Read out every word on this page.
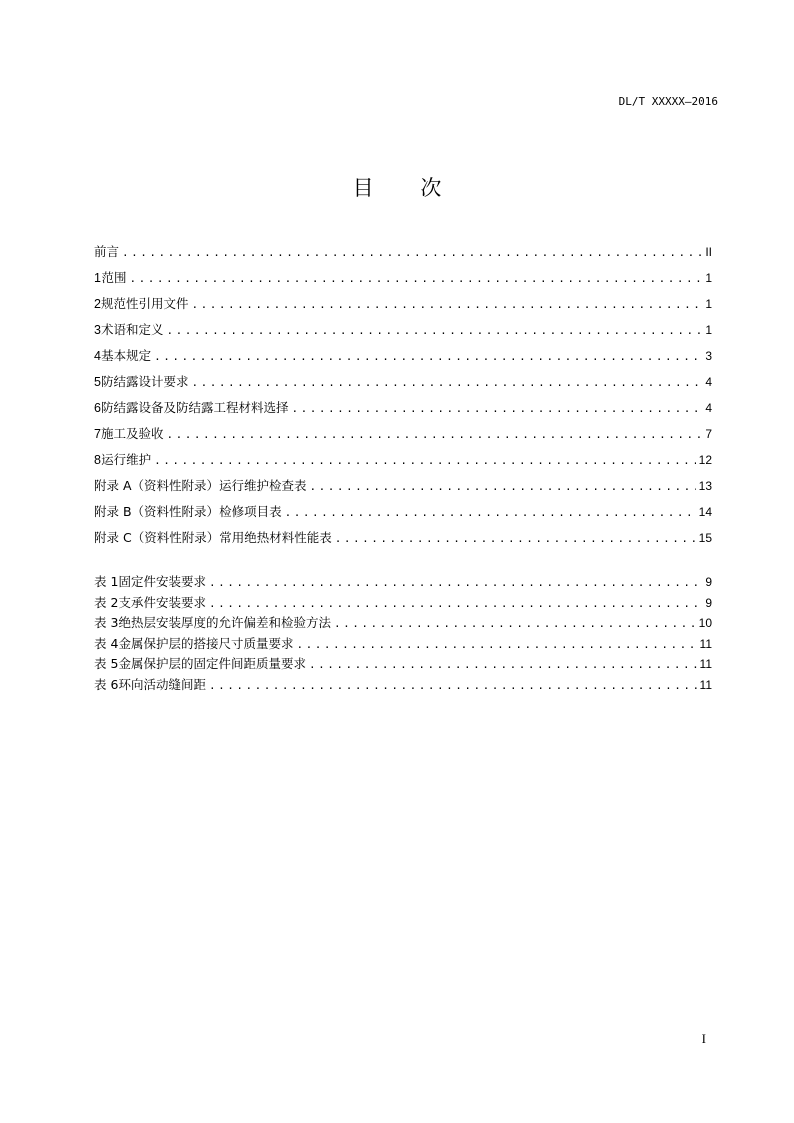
DL/T XXXXX—2016
目 次
前言 .....	II
1 范围 .....	1
2 规范性引用文件 .....	1
3 术语和定义 .....	1
4 基本规定 .....	3
5 防结露设计要求 .....	4
6 防结露设备及防结露工程材料选择 .....	4
7 施工及验收 .....	7
8 运行维护 .....	12
附录 A（资料性附录） 运行维护检查表 .....	13
附录 B（资料性附录） 检修项目表 .....	14
附录 C（资料性附录） 常用绝热材料性能表 .....	15
表 1 固定件安装要求 .....	9
表 2 支承件安装要求 .....	9
表 3 绝热层安装厚度的允许偏差和检验方法 .....	10
表 4 金属保护层的搭接尺寸质量要求 .....	11
表 5 金属保护层的固定件间距质量要求 .....	11
表 6 环向活动缝间距 .....	11
I
